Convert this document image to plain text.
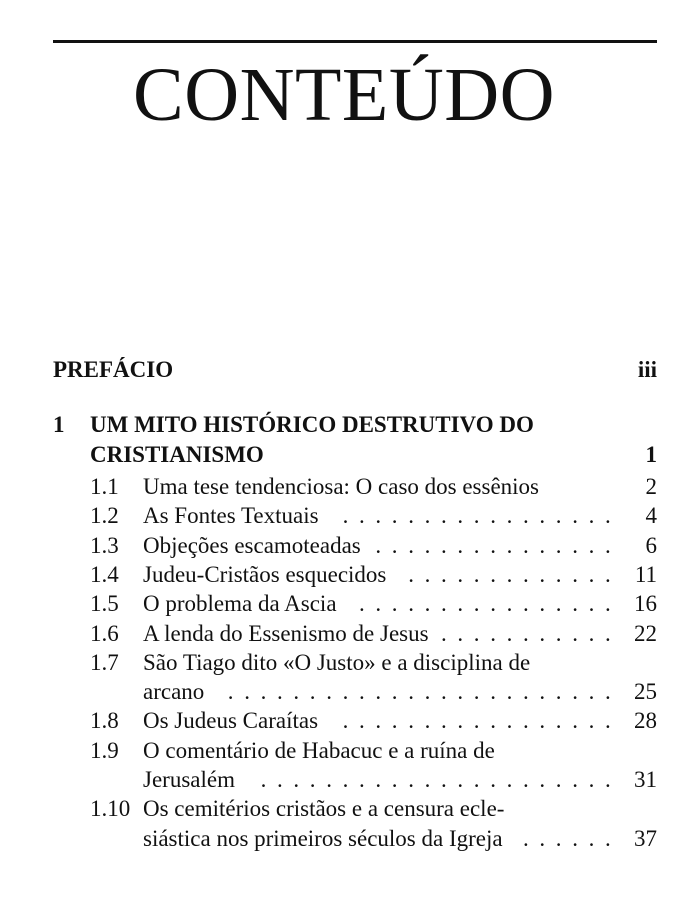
CONTEÚDO
PREFÁCIO	iii
1 UM MITO HISTÓRICO DESTRUTIVO DO
CRISTIANISMO	1
1.1 Uma tese tendenciosa: O caso dos essênios	2
1.2 As Fontes Textuais	4
. . . . . . . . . . . . . . . . .
1.3 Objeções escamoteadas	6
. . . . . . . . . . . . . . .
1.4 Judeu-Cristãos esquecidos	11
. . . . . . . . . . . . .
1.5 O problema da Ascia	16
. . . . . . . . . . . . . . . .
1.6 A lenda do Essenismo de Jesus	22
. . . . . . . . . . .
1.7 São Tiago dito «O Justo» e a disciplina de
arcano	25
. . . . . . . . . . . . . . . . . . . . . . . .
1.8 Os Judeus Caraítas	28
. . . . . . . . . . . . . . . . .
1.9 O comentário de Habacuc e a ruína de
Jerusalém	31
. . . . . . . . . . . . . . . . . . . . . .
1.10 Os cemitérios cristãos e a censura ecle-
siástica nos primeiros séculos da Igreja	37
. . . . . .
